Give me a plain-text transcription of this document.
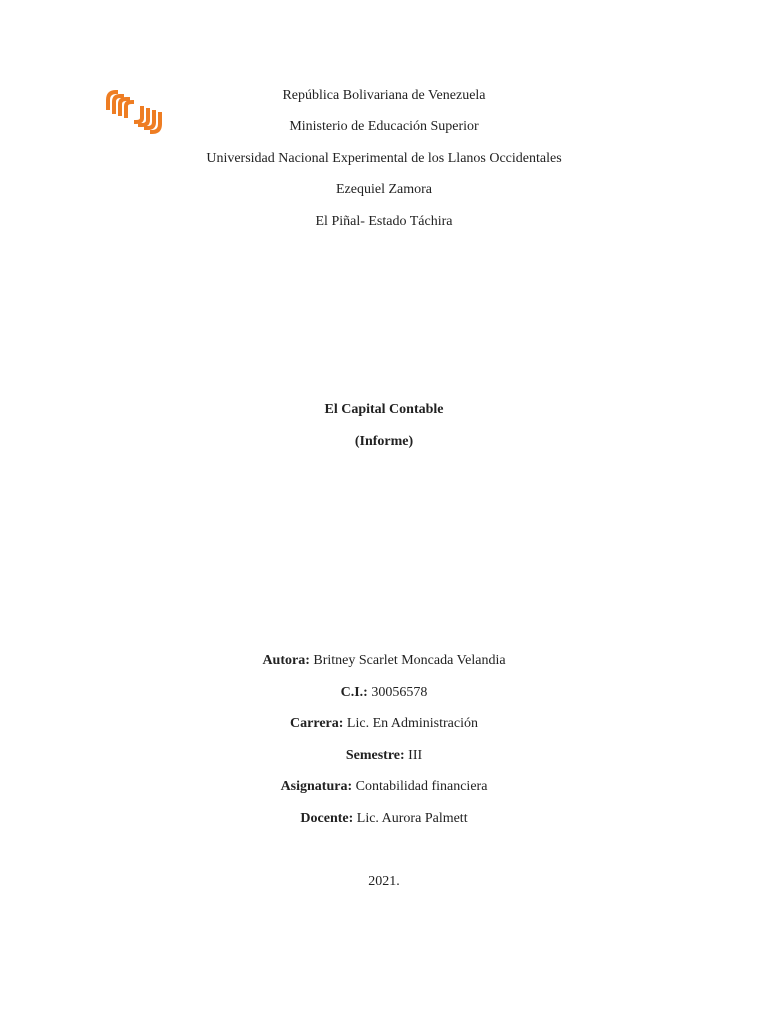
República Bolivariana de Venezuela
Ministerio de Educación Superior
Universidad Nacional Experimental de los Llanos Occidentales
Ezequiel Zamora
El Piñal- Estado Táchira
El Capital Contable
(Informe)
Autora: Britney Scarlet Moncada Velandia
C.I.: 30056578
Carrera: Lic. En Administración
Semestre: III
Asignatura: Contabilidad financiera
Docente: Lic. Aurora Palmett
2021.
